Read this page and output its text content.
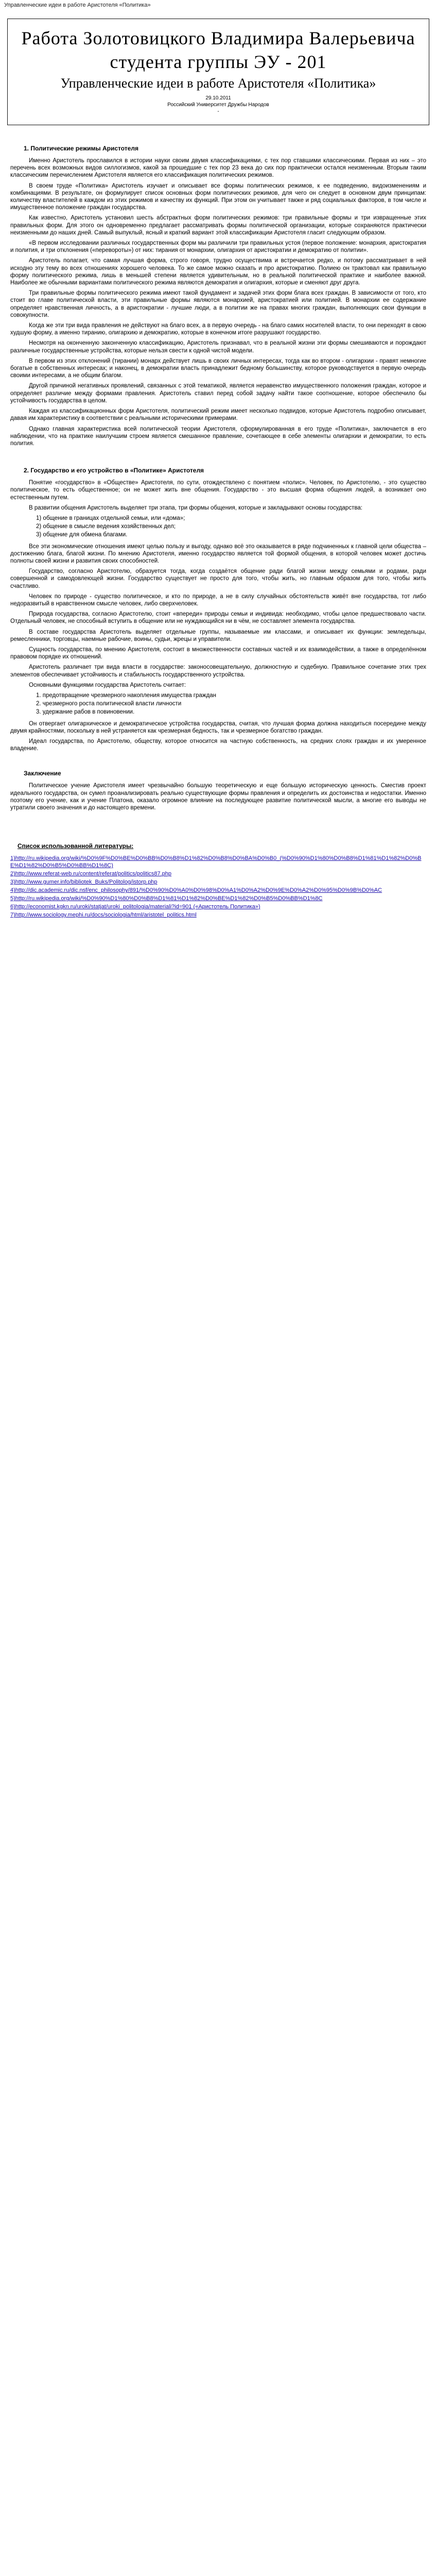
Управленческие идеи в работе Аристотеля «Политика»
Работа Золотовицкого Владимира Валерьевича студента группы ЭУ - 201
Управленческие идеи в работе Аристотеля «Политика»
29.10.2011
Российский Университет Дружбы Народов
-
1. Политические режимы Аристотеля

Именно Аристотель прославился в истории науки своим двумя классификациями, с тех пор ставшими классическими. Первая из них – это перечень всех возможных видов силлогизмов, какой за прошедшие с тех пор 23 века до сих пор практически остался неизменным. Вторым таким классическим перечислением Аристотеля является его классификация политических режимов.

В своем труде «Политика» Аристотель изучает и описывает все формы политических режимов, к ее подведению, видоизменениям и комбинациями. В результате, он формулирует список основных форм политических режимов, для чего он следует в основном двум принципам: количеству властителей в каждом из этих режимов и качеству их функций. При этом он учитывает также и ряд социальных факторов, в том числе и имущественное положение граждан государства.

Как известно, Аристотель установил шесть абстрактных форм политических режимов: три правильные формы и три извращенные этих правильных форм. Для этого он одновременно предлагает рассматривать формы политической организации, которые сохраняются практически неизменными до наших дней. Самый выпуклый, ясный и краткий вариант этой классификации Аристотеля гласит следующим образом.

«В первом исследовании различных государственных форм мы различили три правильных устоя (первое положение: монархия, аристократия и полития, и три отклонения («перевороты») от них: тирания от монархии, олигархия от аристократии и демократию от политии».

Аристотель полагает, что самая лучшая форма, строго говоря, трудно осуществима и встречается редко, и потому рассматривает в ней исходно эту тему во всех отношениях хорошего человека. То же самое можно сказать и про аристократию. Полиею он трактовал как правильную форму политического режима, лишь в меньшей степени является удивительным, но в реальной политической практике и наиболее важной. Наиболее же обычными вариантами политического режима являются демократия и олигархия, которые и сменяют друг друга.

Три правильные формы политического режима имеют такой фундамент и задачей этих форм блага всех граждан. В зависимости от того, кто стоит во главе политической власти, эти правильные формы являются монархией, аристократией или политией. В монархии ее содержание определяет нравственная личность, а в аристократии - лучшие люди, а в политии же на правах многих граждан, выполняющих свои функции в совокупности.

Когда же эти три вида правления не действуют на благо всех, а в первую очередь - на благо самих носителей власти, то они переходят в свою худшую форму, а именно тиранию, олигархию и демократию, которые в конечном итоге разрушают государство.

Несмотря на оконченную законченную классификацию, Аристотель признавал, что в реальной жизни эти формы смешиваются и порождают различные государственные устройства, которые нельзя свести к одной чистой модели.

В первом из этих отклонений (тирании) монарх действует лишь в своих личных интересах, тогда как во втором - олигархии - правят немногие богатые в собственных интересах; и наконец, в демократии власть принадлежит бедному большинству, которое руководствуется в первую очередь своими интересами, а не общим благом.

Другой причиной негативных проявлений, связанных с этой тематикой, является неравенство имущественного положения граждан, которое и определяет различие между формами правления. Аристотель ставил перед собой задачу найти такое соотношение, которое обеспечило бы устойчивость государства в целом.

Каждая из классификационных форм Аристотеля, политический режим имеет несколько подвидов, которые Аристотель подробно описывает, давая им характеристику в соответствии с реальными историческими примерами.

Однако главная характеристика всей политической теории Аристотеля, сформулированная в его труде «Политика», заключается в его наблюдении, что на практике наилучшим строем является смешанное правление, сочетающее в себе элементы олигархии и демократии, то есть полития.

2. Государство и его устройство в «Политике» Аристотеля

Понятие «государство» в «Обществе» Аристотеля, по сути, отождествлено с понятием «полис». Человек, по Аристотелю, - это существо политическое, то есть общественное; он не может жить вне общения. Государство - это высшая форма общения людей, а возникает оно естественным путем.

В развитии общения Аристотель выделяет три этапа, три формы общения, которые и закладывают основы государства:

1) общение в границах отдельной семьи, или «дома»;
2) общение в смысле ведения хозяйственных дел;
3) общение для обмена благами.

Все эти экономические отношения имеют целью пользу и выгоду, однако всё это оказывается в ряде подчиненных к главной цели общества – достижению блага, благой жизни. По мнению Аристотеля, именно государство является той формой общения, в которой человек может достичь полноты своей жизни и развития своих способностей.

Государство, согласно Аристотелю, образуется тогда, когда создаётся общение ради благой жизни между семьями и родами, ради совершенной и самодовлеющей жизни. Государство существует не просто для того, чтобы жить, но главным образом для того, чтобы жить счастливо.

Человек по природе - существо политическое, и кто по природе, а не в силу случайных обстоятельств живёт вне государства, тот либо недоразвитый в нравственном смысле человек, либо сверхчеловек.

Природа государства, согласно Аристотелю, стоит «впереди» природы семьи и индивида: необходимо, чтобы целое предшествовало части. Отдельный человек, не способный вступить в общение или не нуждающийся ни в чём, не составляет элемента государства.

В составе государства Аристотель выделяет отдельные группы, называемые им классами, и описывает их функции: земледельцы, ремесленники, торговцы, наемные рабочие, воины, судьи, жрецы и управители.

Сущность государства, по мнению Аристотеля, состоит в множественности составных частей и их взаимодействии, а также в определённом правовом порядке их отношений.

Аристотель различает три вида власти в государстве: законосовещательную, должностную и судебную. Правильное сочетание этих трех элементов обеспечивает устойчивость и стабильность государственного устройства.

Основными функциями государства Аристотель считает:

1. предотвращение чрезмерного накопления имущества граждан
2. чрезмерного роста политической власти личности
3. удержание рабов в повиновении.

Он отвергает олигархическое и демократическое устройства государства, считая, что лучшая форма должна находиться посередине между двумя крайностями, поскольку в ней устраняется как чрезмерная бедность, так и чрезмерное богатство граждан.

Идеал государства, по Аристотелю, обществу, которое относится на частную собственность, на средних слоях граждан и их умеренное владение.

Заключение

Политическое учение Аристотеля имеет чрезвычайно большую теоретическую и еще большую историческую ценность. Сместив проект идеального государства, он сумел проанализировать реально существующие формы правления и определить их достоинства и недостатки. Именно поэтому его учение, как и учение Платона, оказало огромное влияние на последующее развитие политической мысли, а многие его выводы не утратили своего значения и до настоящего времени.

Список использованной литературы:
1)http://ru.wikipedia.org/wiki/%D0%9F%D0%BE%D0%BB%D0%B8%D1%82%D0%B8%D0%BA%D0%B0_(%D0%90%D1%80%D0%B8%D1%81%D1%82%D0%BE%D1%82%D0%B5%D0%BB%D1%8C)
2)http://www.referat-web.ru/content/referat/politics/politics87.php
3)http://www.gumer.info/bibliotek_Buks/Politolog/istorp.php
4)http://dic.academic.ru/dic.nsf/enc_philosophy/891/%D0%90%D0%A0%D0%98%D0%A1%D0%A2%D0%9E%D0%A2%D0%95%D0%9B%D0%AC
5)http://ru.wikipedia.org/wiki/%D0%90%D1%80%D0%B8%D1%81%D1%82%D0%BE%D1%82%D0%B5%D0%BB%D1%8C
6)http://economist.kgkn.ru/uroki/statjat/uroki_politologia/materiali?id=901 («Аристотель Политика»)
7)http://www.sociology.mephi.ru/docs/sociologia/html/aristotel_politics.html
